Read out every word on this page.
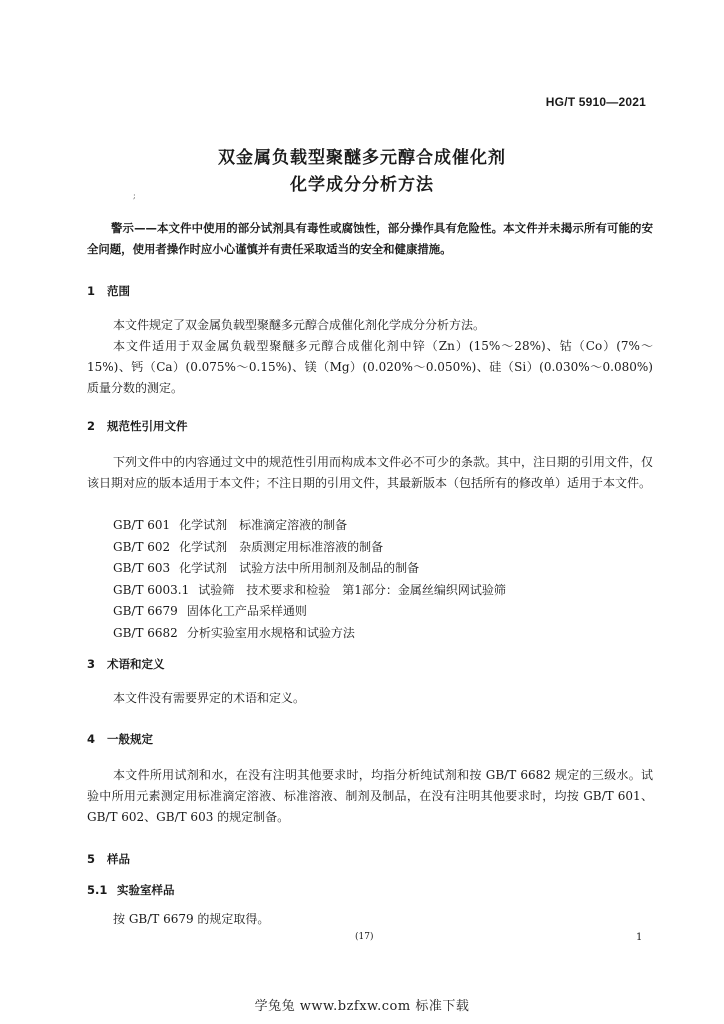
HG/T 5910—2021
双金属负载型聚醚多元醇合成催化剂
化学成分分析方法
;
警示——本文件中使用的部分试剂具有毒性或腐蚀性，部分操作具有危险性。本文件并未揭示所有可能的安全问题，使用者操作时应小心谨慎并有责任采取适当的安全和健康措施。
1 范围

本文件规定了双金属负载型聚醚多元醇合成催化剂化学成分分析方法。

本文件适用于双金属负载型聚醚多元醇合成催化剂中锌（Zn）(15%～28%)、钴（Co）(7%～15%)、钙（Ca）(0.075%～0.15%)、镁（Mg）(0.020%～0.050%)、硅（Si）(0.030%～0.080%) 质量分数的测定。

2 规范性引用文件

下列文件中的内容通过文中的规范性引用而构成本文件必不可少的条款。其中，注日期的引用文件，仅该日期对应的版本适用于本文件；不注日期的引用文件，其最新版本（包括所有的修改单）适用于本文件。

GB/T 601 化学试剂　标准滴定溶液的制备
GB/T 602 化学试剂　杂质测定用标准溶液的制备
GB/T 603 化学试剂　试验方法中所用制剂及制品的制备
GB/T 6003.1 试验筛　技术要求和检验　第1部分：金属丝编织网试验筛
GB/T 6679 固体化工产品采样通则
GB/T 6682 分析实验室用水规格和试验方法
3 术语和定义

本文件没有需要界定的术语和定义。

4 一般规定

本文件所用试剂和水，在没有注明其他要求时，均指分析纯试剂和按 GB/T 6682 规定的三级水。试验中所用元素测定用标准滴定溶液、标准溶液、制剂及制品，在没有注明其他要求时，均按 GB/T 601、GB/T 602、GB/T 603 的规定制备。

5 样品
5.1 实验室样品

按 GB/T 6679 的规定取得。

(17)	1
学兔兔 www.bzfxw.com 标准下载
